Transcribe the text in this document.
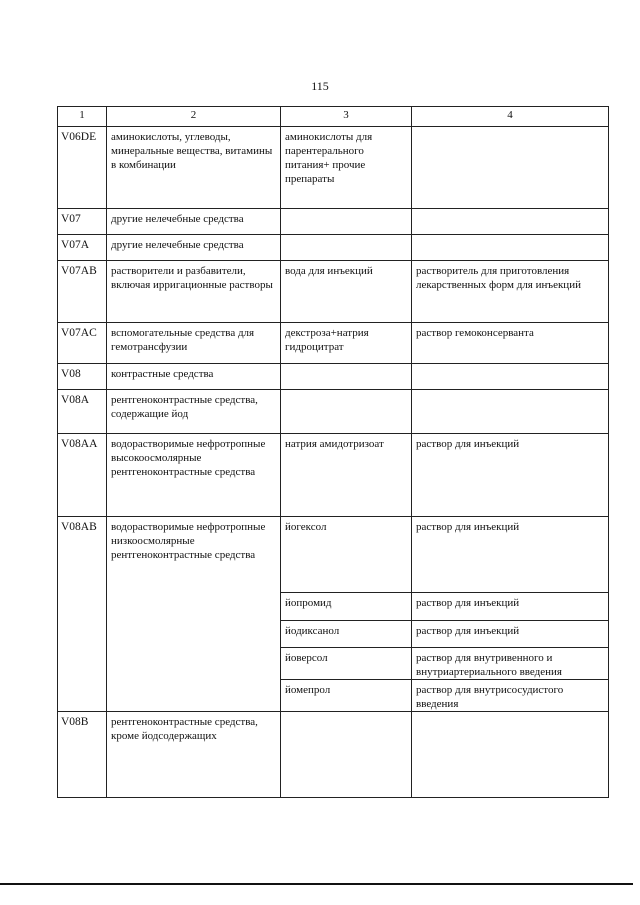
115
1	2	3	4
V06DE	аминокислоты, углеводы, минеральные вещества, витамины в комбинации	аминокислоты для парентерального питания+ прочие препараты	
V07	другие нелечебные средства		
V07A	другие нелечебные средства		
V07AB	растворители и разбавители, включая ирригационные растворы	вода для инъекций	растворитель для приготовления лекарственных форм для инъекций
V07AC	вспомогательные средства для гемотрансфузии	декстроза+натрия гидроцитрат	раствор гемоконсерванта
V08	контрастные средства		
V08A	рентгеноконтрастные средства, содержащие йод		
V08AA	водорастворимые нефротропные высокоосмолярные рентгеноконтрастные средства	натрия амидотризоат	раствор для инъекций
V08AB	водорастворимые нефротропные низкоосмолярные рентгеноконтрастные средства	йогексол	раствор для инъекций
		йопромид	раствор для инъекций
		йодиксанол	раствор для инъекций
		йоверсол	раствор для внутривенного и внутриартериального введения
		йомепрол	раствор для внутрисосудистого введения
V08B	рентгеноконтрастные средства, кроме йодсодержащих		
